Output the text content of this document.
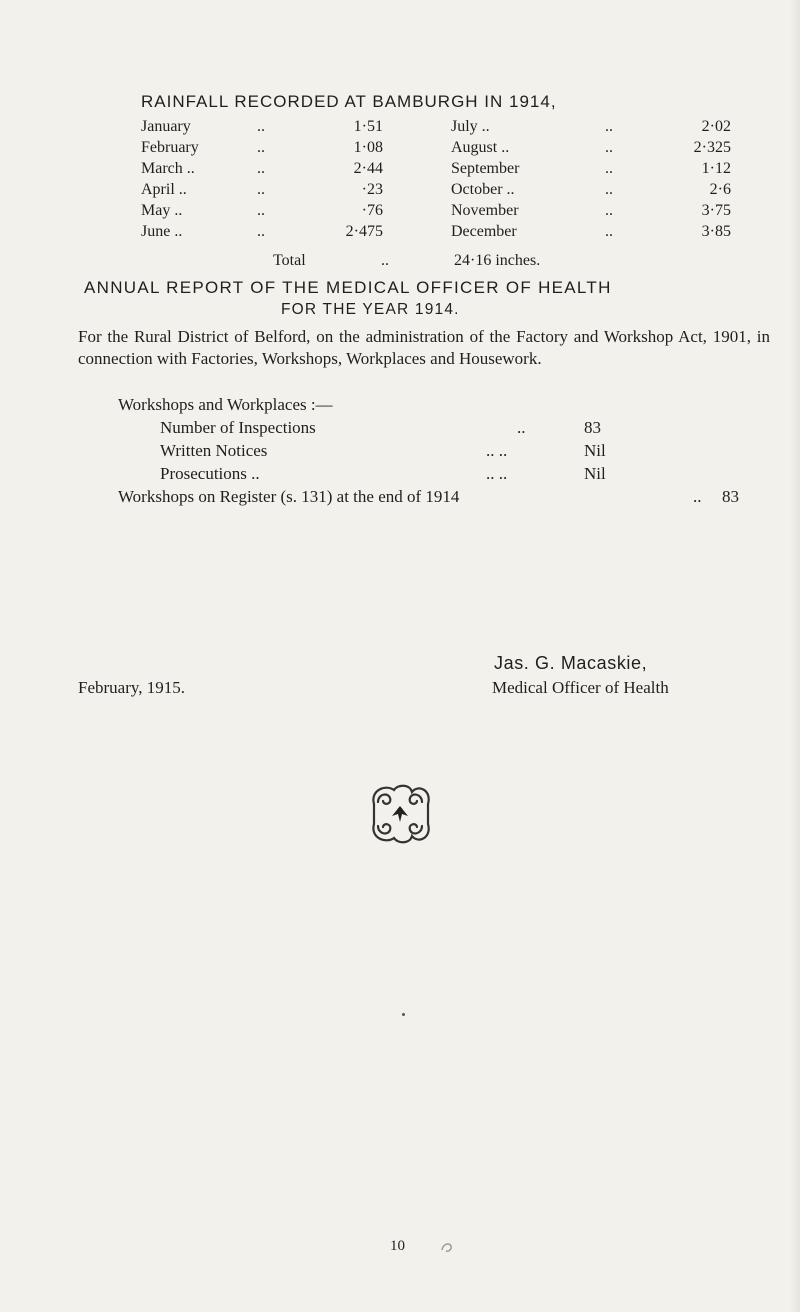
RAINFALL RECORDED AT BAMBURGH IN 1914,
January	..	1·51	July ..	..	2·02
February	..	1·08	August ..	..	2·325
March ..	..	2·44	September	..	1·12
April ..	..	·23	October ..	..	2·6
May ..	..	·76	November	..	3·75
June ..	..	2·475	December	..	3·85
Total	..	24·16 inches.
ANNUAL REPORT OF THE MEDICAL OFFICER OF HEALTH
FOR THE YEAR 1914.

For the Rural District of Belford, on the administration of the Factory and Workshop Act, 1901, in connection with Factories, Workshops, Workplaces and Housework.

Workshops and Workplaces :—
Number of Inspections	..	83
Written Notices	.. ..	Nil
Prosecutions ..	.. ..	Nil
Workshops on Register (s. 131) at the end of 1914	.. 83
Jas. G. Macaskie,
February, 1915.	Medical Officer of Health
10
